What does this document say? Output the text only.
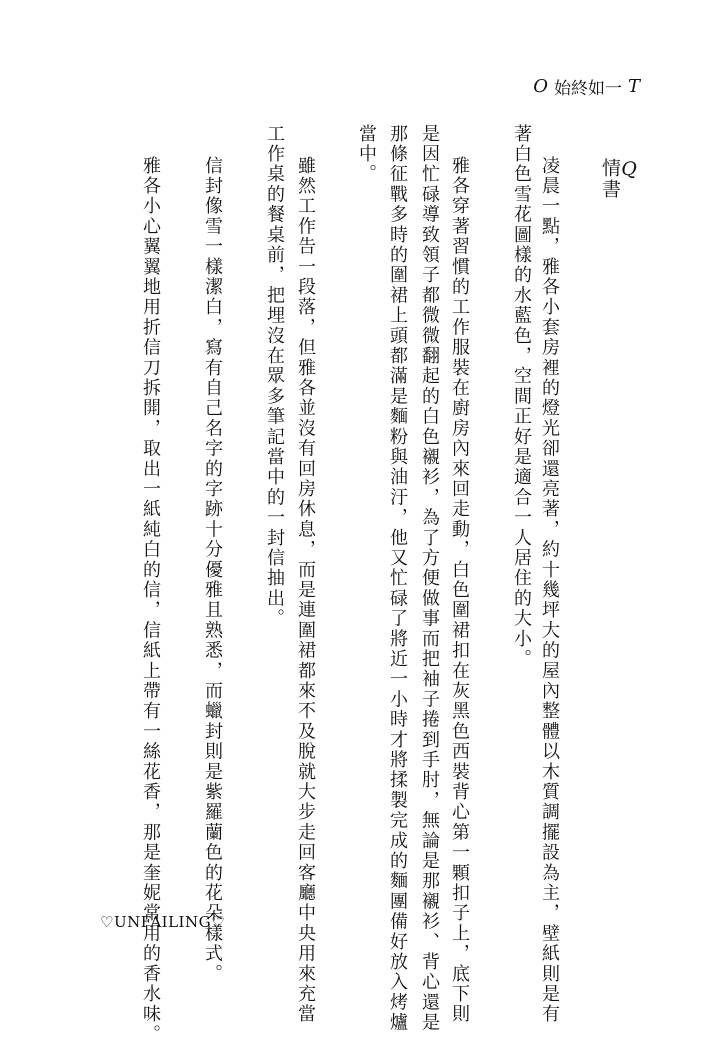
O 始終如一 T
Q
情書
凌晨一點，雅各小套房裡的燈光卻還亮著，約十幾坪大的屋內整體以木質調擺設為主，壁紙則是有
著白色雪花圖樣的水藍色，空間正好是適合一人居住的大小。
雅各穿著習慣的工作服裝在廚房內來回走動，白色圍裙扣在灰黑色西裝背心第一顆扣子上，底下則
是因忙碌導致領子都微微翻起的白色襯衫，為了方便做事而把袖子捲到手肘，無論是那襯衫、背心還是
那條征戰多時的圍裙上頭都滿是麵粉與油汙，他又忙碌了將近一小時才將揉製完成的麵團備好放入烤爐
當中。
雖然工作告一段落，但雅各並沒有回房休息，而是連圍裙都來不及脫就大步走回客廳中央用來充當
工作桌的餐桌前，把埋沒在眾多筆記當中的一封信抽出。
信封像雪一樣潔白，寫有自己名字的字跡十分優雅且熟悉，而蠟封則是紫羅蘭色的花朵樣式。
雅各小心翼翼地用折信刀拆開，取出一紙純白的信，信紙上帶有一絲花香，那是奎妮常用的香水味。
♡UNFAILING♡
